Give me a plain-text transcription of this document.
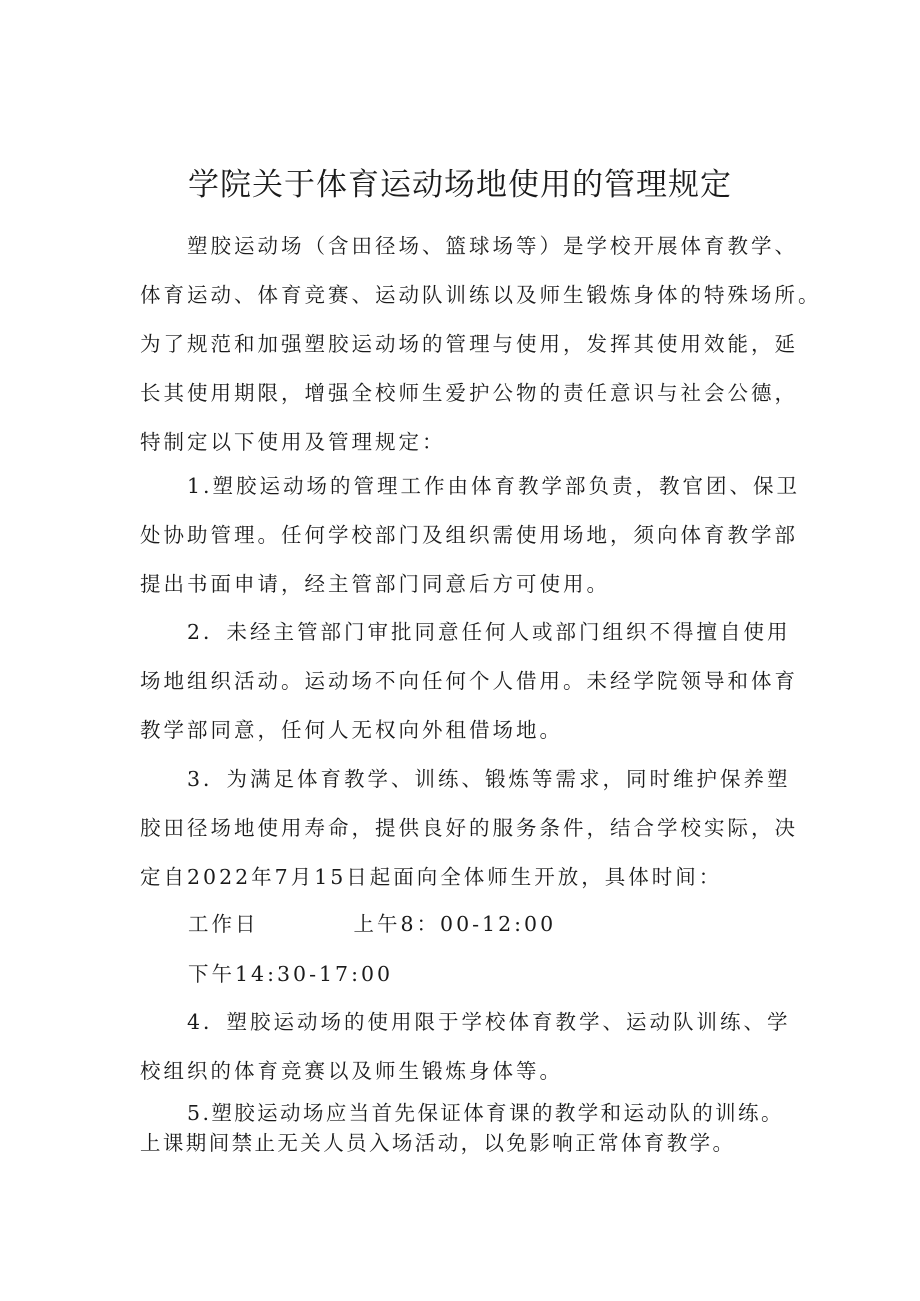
学院关于体育运动场地使用的管理规定
塑胶运动场（含田径场、篮球场等）是学校开展体育教学、
体育运动、体育竞赛、运动队训练以及师生锻炼身体的特殊场所。
为了规范和加强塑胶运动场的管理与使用，发挥其使用效能，延
长其使用期限，增强全校师生爱护公物的责任意识与社会公德，
特制定以下使用及管理规定：
1.塑胶运动场的管理工作由体育教学部负责，教官团、保卫
处协助管理。任何学校部门及组织需使用场地，须向体育教学部
提出书面申请，经主管部门同意后方可使用。
2．未经主管部门审批同意任何人或部门组织不得擅自使用
场地组织活动。运动场不向任何个人借用。未经学院领导和体育
教学部同意，任何人无权向外租借场地。
3．为满足体育教学、训练、锻炼等需求，同时维护保养塑
胶田径场地使用寿命，提供良好的服务条件，结合学校实际，决
定自2022年7月15日起面向全体师生开放，具体时间：
工作日	上午8：00-12:00
下午14:30-17:00
4．塑胶运动场的使用限于学校体育教学、运动队训练、学
校组织的体育竞赛以及师生锻炼身体等。
5.塑胶运动场应当首先保证体育课的教学和运动队的训练。
上课期间禁止无关人员入场活动，以免影响正常体育教学。
